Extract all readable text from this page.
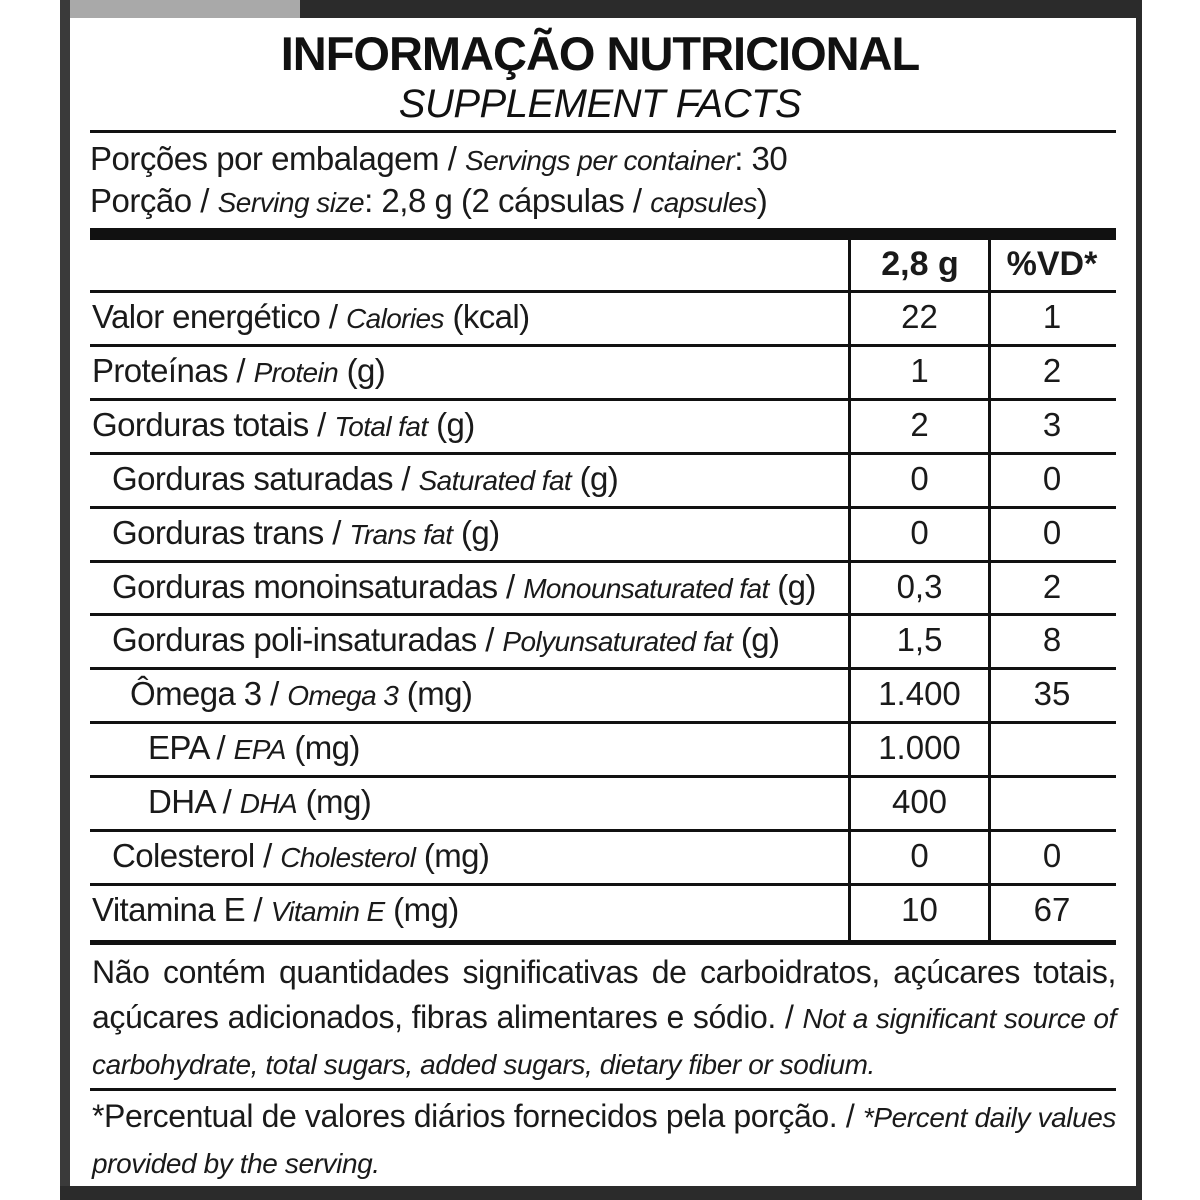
INFORMAÇÃO NUTRICIONAL
SUPPLEMENT FACTS
Porções por embalagem / Servings per container: 30
Porção / Serving size: 2,8 g (2 cápsulas / capsules)
2,8 g	%VD*
Valor energético / Calories (kcal)	22	1
Proteínas / Protein (g)	1	2
Gorduras totais / Total fat (g)	2	3
Gorduras saturadas / Saturated fat (g)	0	0
Gorduras trans / Trans fat (g)	0	0
Gorduras monoinsaturadas / Monounsaturated fat (g)	0,3	2
Gorduras poli-insaturadas / Polyunsaturated fat (g)	1,5	8
Ômega 3 / Omega 3 (mg)	1.400	35
EPA / EPA (mg)	1.000
DHA / DHA (mg)	400
Colesterol / Cholesterol (mg)	0	0
Vitamina E / Vitamin E (mg)	10	67
Não contém quantidades significativas de carboidratos, açúcares totais, açúcares adicionados, fibras alimentares e sódio. / Not a significant source of carbohydrate, total sugars, added sugars, dietary fiber or sodium.
*Percentual de valores diários fornecidos pela porção. / *Percent daily values provided by the serving.
